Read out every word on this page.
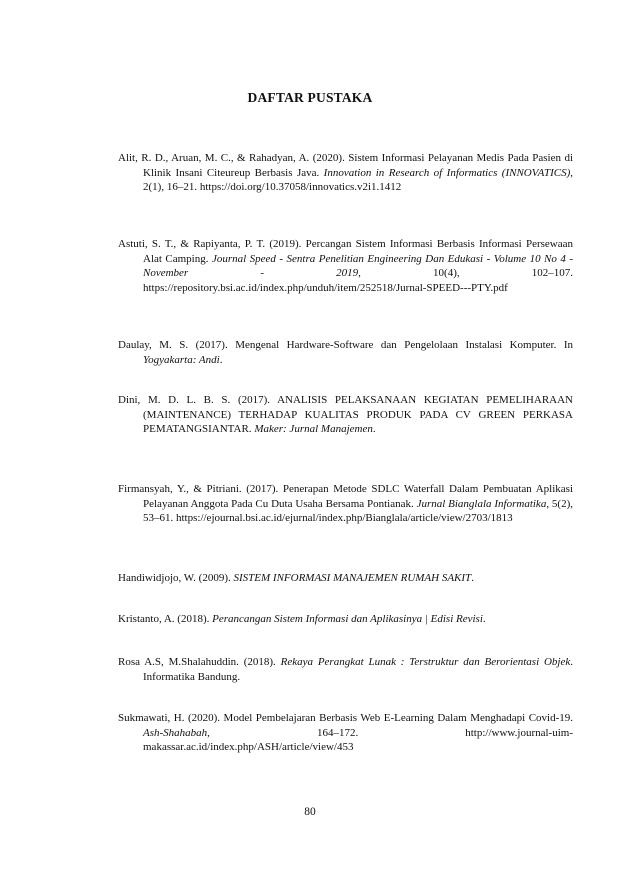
DAFTAR PUSTAKA
Alit, R. D., Aruan, M. C., & Rahadyan, A. (2020). Sistem Informasi Pelayanan Medis Pada Pasien di Klinik Insani Citeureup Berbasis Java. Innovation in Research of Informatics (INNOVATICS), 2(1), 16–21. https://doi.org/10.37058/innovatics.v2i1.1412
Astuti, S. T., & Rapiyanta, P. T. (2019). Percangan Sistem Informasi Berbasis Informasi Persewaan Alat Camping. Journal Speed - Sentra Penelitian Engineering Dan Edukasi - Volume 10 No 4 - November - 2019, 10(4), 102–107. https://repository.bsi.ac.id/index.php/unduh/item/252518/Jurnal-SPEED---PTY.pdf
Daulay, M. S. (2017). Mengenal Hardware-Software dan Pengelolaan Instalasi Komputer. In Yogyakarta: Andi.
Dini, M. D. L. B. S. (2017). ANALISIS PELAKSANAAN KEGIATAN PEMELIHARAAN (MAINTENANCE) TERHADAP KUALITAS PRODUK PADA CV GREEN PERKASA PEMATANGSIANTAR. Maker: Jurnal Manajemen.
Firmansyah, Y., & Pitriani. (2017). Penerapan Metode SDLC Waterfall Dalam Pembuatan Aplikasi Pelayanan Anggota Pada Cu Duta Usaha Bersama Pontianak. Jurnal Bianglala Informatika, 5(2), 53–61. https://ejournal.bsi.ac.id/ejurnal/index.php/Bianglala/article/view/2703/1813
Handiwidjojo, W. (2009). SISTEM INFORMASI MANAJEMEN RUMAH SAKIT.
Kristanto, A. (2018). Perancangan Sistem Informasi dan Aplikasinya | Edisi Revisi.
Rosa A.S, M.Shalahuddin. (2018). Rekaya Perangkat Lunak : Terstruktur dan Berorientasi Objek. Informatika Bandung.
Sukmawati, H. (2020). Model Pembelajaran Berbasis Web E-Learning Dalam Menghadapi Covid-19. Ash-Shahabah, 164–172. http://www.journal-uim-makassar.ac.id/index.php/ASH/article/view/453
80
